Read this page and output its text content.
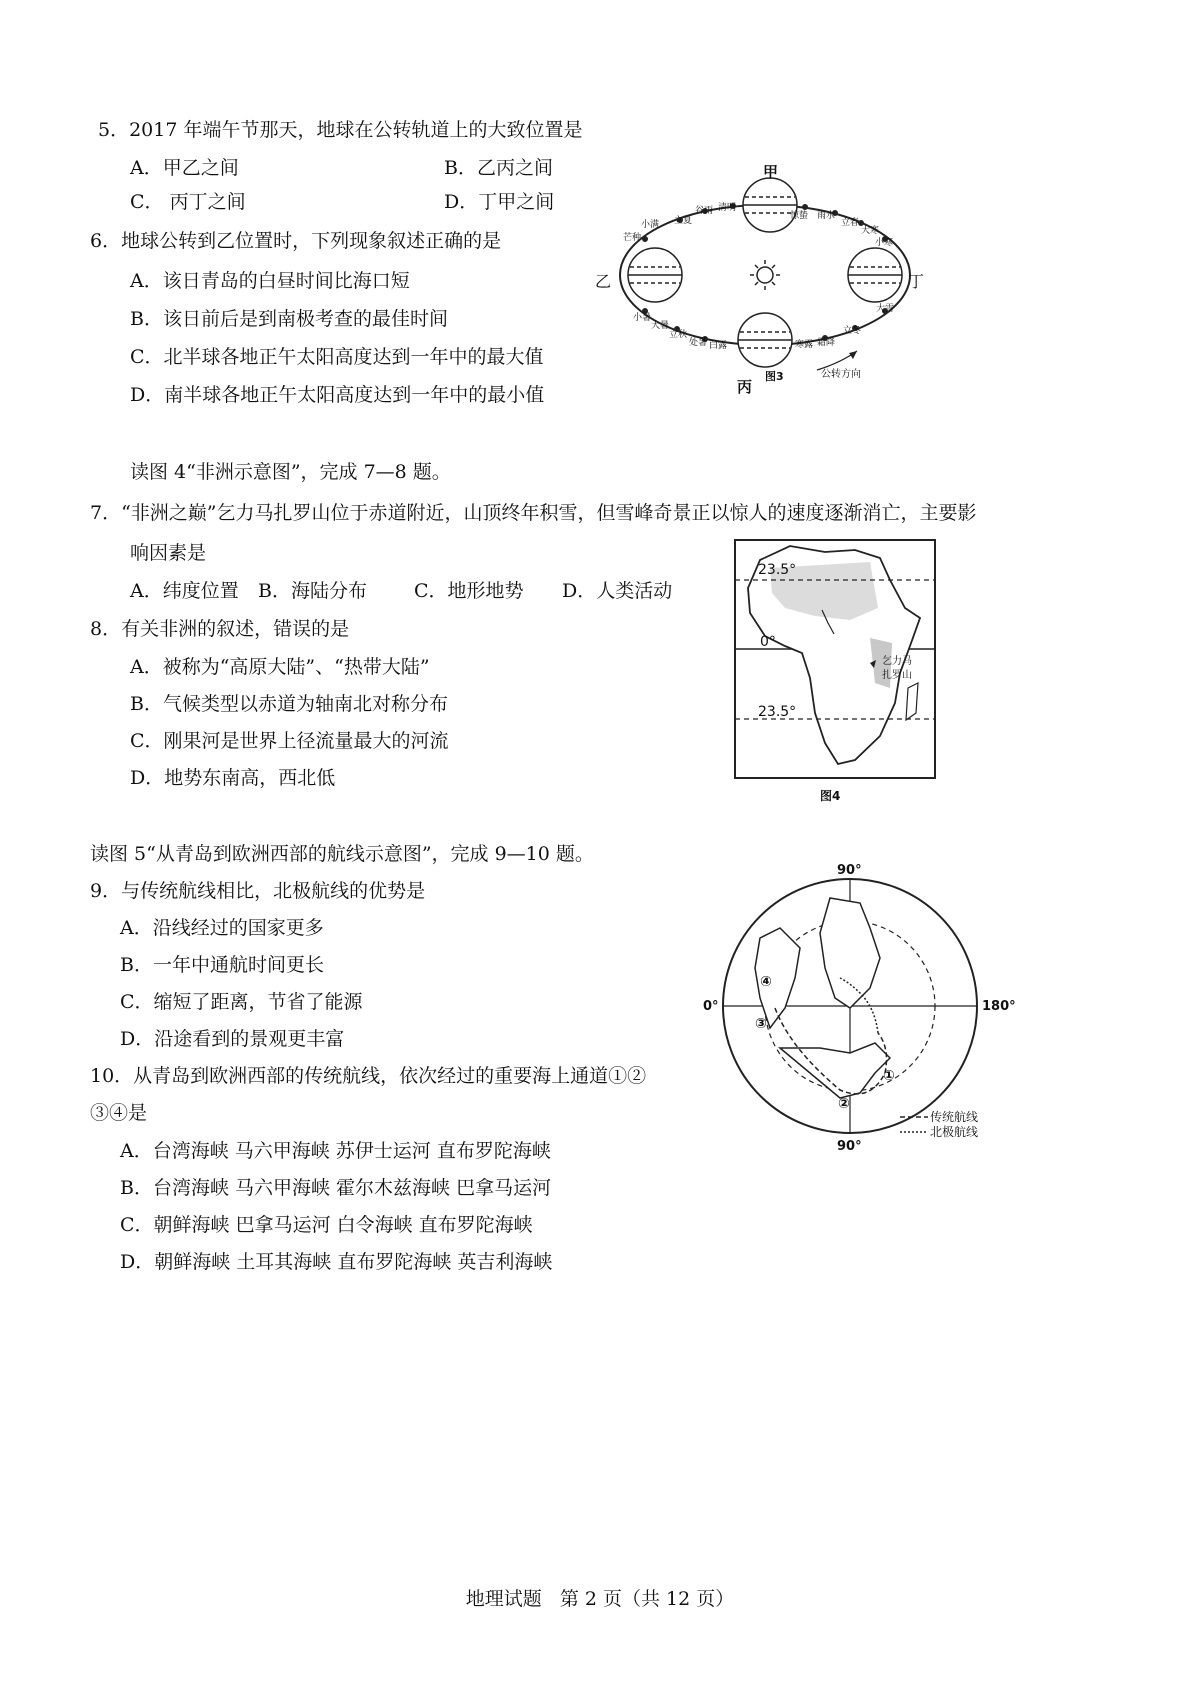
5．2017 年端午节那天，地球在公转轨道上的大致位置是
A．甲乙之间	B．乙丙之间
C． 丙丁之间	D．丁甲之间
6．地球公转到乙位置时，下列现象叙述正确的是
A．该日青岛的白昼时间比海口短
B．该日前后是到南极考查的最佳时间
C．北半球各地正午太阳高度达到一年中的最大值
D．南半球各地正午太阳高度达到一年中的最小值
甲
乙
丙
丁
立夏
谷雨 清明
惊蛰 雨水
立春
小满
芒种
小暑
大暑
立秋
处暑 白露
大寒
小寒
大雪
寒露 霜降
立冬
公转方向
图3
读图 4“非洲示意图”，完成 7—8 题。
7．“非洲之巅”乞力马扎罗山位于赤道附近，山顶终年积雪，但雪峰奇景正以惊人的速度逐渐消亡，主要影
响因素是
A．纬度位置 B．海陆分布 C．地形地势 D．人类活动
8．有关非洲的叙述，错误的是
A．被称为“高原大陆”、“热带大陆”
B．气候类型以赤道为轴南北对称分布
C．刚果河是世界上径流量最大的河流
D．地势东南高，西北低
23.5°
0°
23.5°
乞力马
扎罗山
图4
读图 5“从青岛到欧洲西部的航线示意图”，完成 9—10 题。
9．与传统航线相比，北极航线的优势是
A．沿线经过的国家更多
B．一年中通航时间更长
C．缩短了距离，节省了能源
D．沿途看到的景观更丰富
10．从青岛到欧洲西部的传统航线，依次经过的重要海上通道①②
③④是
A．台湾海峡 马六甲海峡 苏伊士运河 直布罗陀海峡
B．台湾海峡 马六甲海峡 霍尔木兹海峡 巴拿马运河
C．朝鲜海峡 巴拿马运河 白令海峡 直布罗陀海峡
D．朝鲜海峡 土耳其海峡 直布罗陀海峡 英吉利海峡
①
②
③
④
90°
90°
0°	180°
传统航线
北极航线
地理试题 第 2 页（共 12 页）
